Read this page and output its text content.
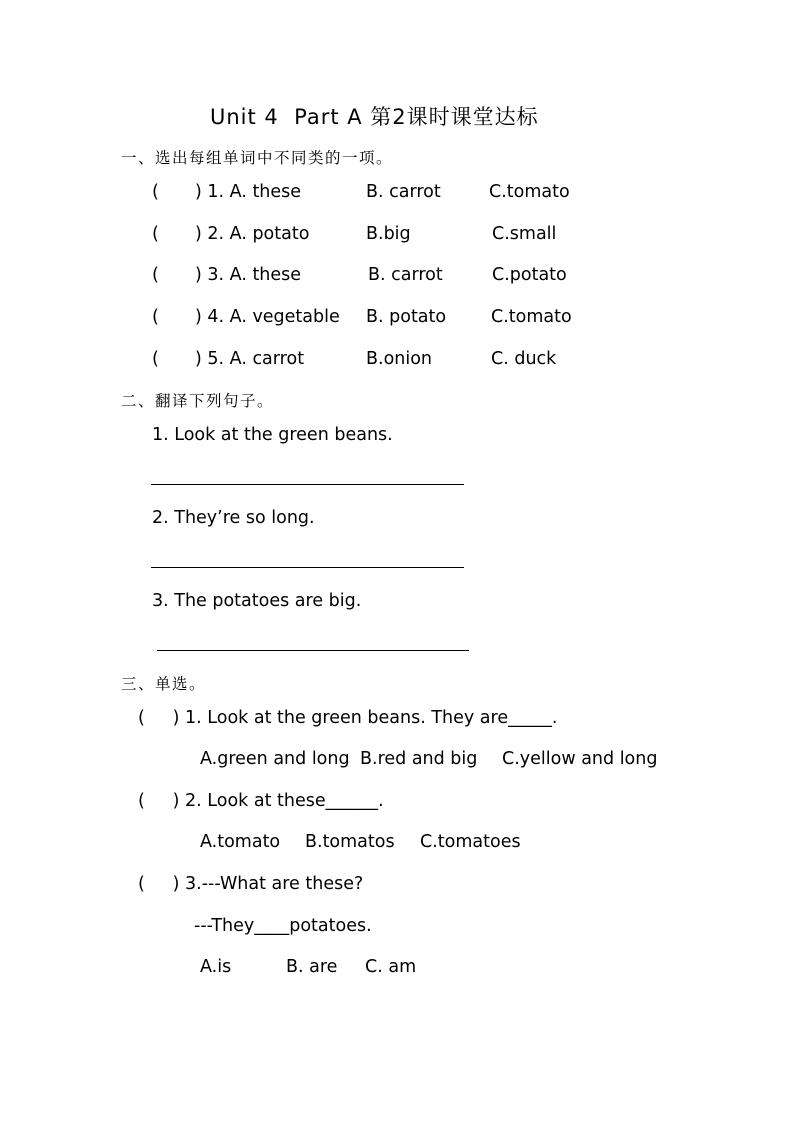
Unit 4  Part A 第2课时课堂达标
一、选出每组单词中不同类的一项。
( ) 1. A. these	B. carrot	C.tomato
( ) 2. A. potato	B.big	C.small
( ) 3. A. these	B. carrot	C.potato
( ) 4. A. vegetable B. potato	C.tomato
( ) 5. A. carrot	B.onion	C. duck
二、翻译下列句子。
1. Look at the green beans.
2. They’re so long.
3. The potatoes are big.
三、单选。
(     ) 1. Look at the green beans. They are_____.
A.green and long B.red and big C.yellow and long
(     ) 2. Look at these______.
A.tomato B.tomatos C.tomatoes
(     ) 3.---What are these?
---They____potatoes.
A.is	B. are C. am
